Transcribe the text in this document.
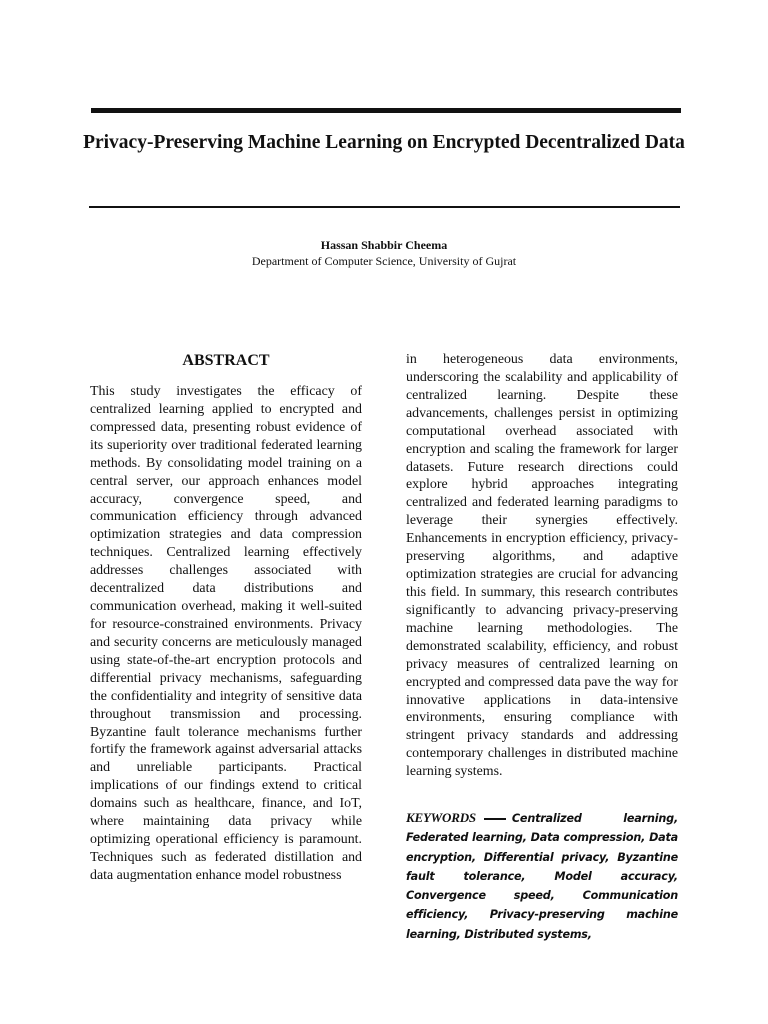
Privacy-Preserving Machine Learning on Encrypted Decentralized Data
Hassan Shabbir Cheema
Department of Computer Science, University of Gujrat
ABSTRACT
This study investigates the efficacy of centralized learning applied to encrypted and compressed data, presenting robust evidence of its superiority over traditional federated learning methods. By consolidating model training on a central server, our approach enhances model accuracy, convergence speed, and communication efficiency through advanced optimization strategies and data compression techniques. Centralized learning effectively addresses challenges associated with decentralized data distributions and communication overhead, making it well-suited for resource-constrained environments. Privacy and security concerns are meticulously managed using state-of-the-art encryption protocols and differential privacy mechanisms, safeguarding the confidentiality and integrity of sensitive data throughout transmission and processing. Byzantine fault tolerance mechanisms further fortify the framework against adversarial attacks and unreliable participants. Practical implications of our findings extend to critical domains such as healthcare, finance, and IoT, where maintaining data privacy while optimizing operational efficiency is paramount. Techniques such as federated distillation and data augmentation enhance model robustness
in heterogeneous data environments, underscoring the scalability and applicability of centralized learning. Despite these advancements, challenges persist in optimizing computational overhead associated with encryption and scaling the framework for larger datasets. Future research directions could explore hybrid approaches integrating centralized and federated learning paradigms to leverage their synergies effectively. Enhancements in encryption efficiency, privacy-preserving algorithms, and adaptive optimization strategies are crucial for advancing this field. In summary, this research contributes significantly to advancing privacy-preserving machine learning methodologies. The demonstrated scalability, efficiency, and robust privacy measures of centralized learning on encrypted and compressed data pave the way for innovative applications in data-intensive environments, ensuring compliance with stringent privacy standards and addressing contemporary challenges in distributed machine learning systems.
KEYWORDS	Centralized learning, Federated learning, Data compression, Data encryption, Differential privacy, Byzantine fault tolerance, Model accuracy, Convergence speed, Communication efficiency, Privacy-preserving machine learning, Distributed systems,
